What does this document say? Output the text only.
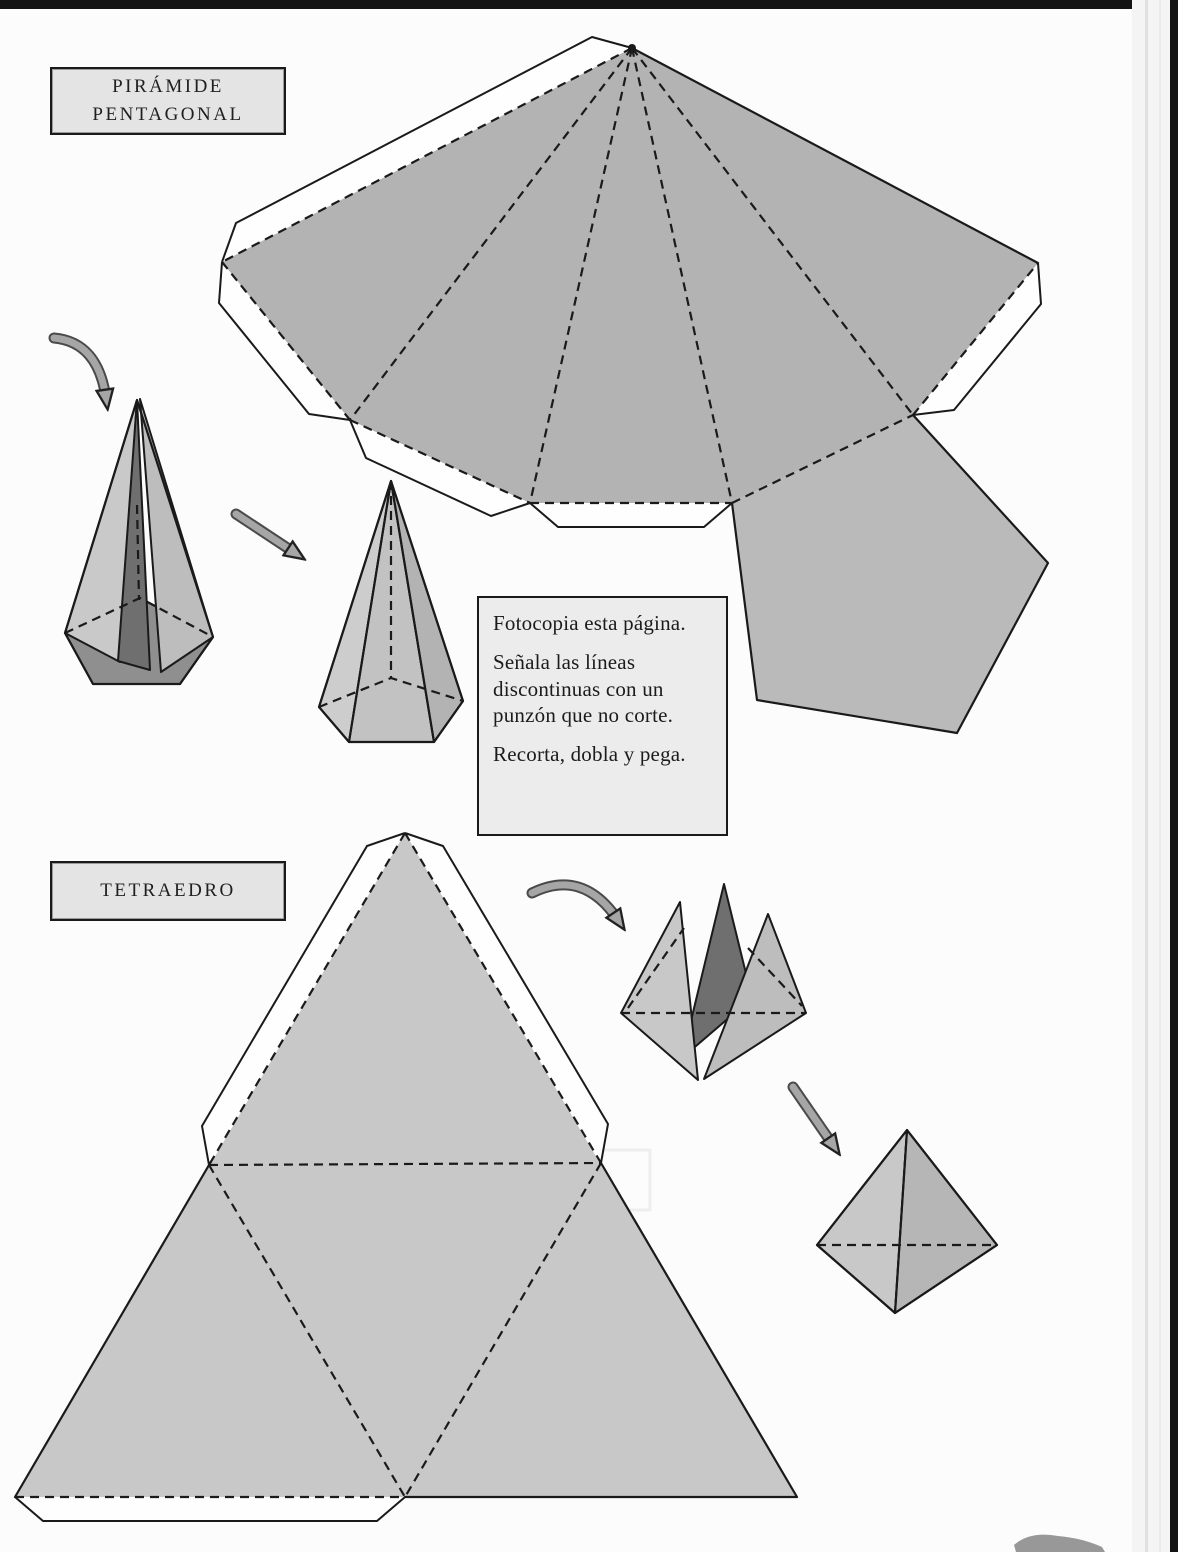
PIRÁMIDE
PENTAGONAL

Fotocopia esta página.

Señala las líneas discontinuas con un punzón que no corte.

Recorta, dobla y pega.

TETRAEDRO
